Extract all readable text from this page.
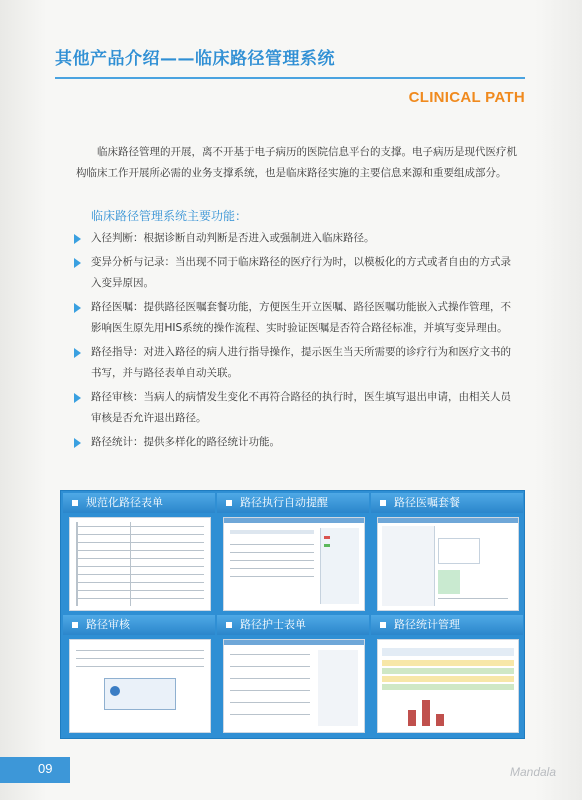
其他产品介绍——临床路径管理系统
CLINICAL PATH
临床路径管理的开展，离不开基于电子病历的医院信息平台的支撑。电子病历是现代医疗机构临床工作开展所必需的业务支撑系统，也是临床路径实施的主要信息来源和重要组成部分。
临床路径管理系统主要功能：
入径判断：根据诊断自动判断是否进入或强制进入临床路径。
变异分析与记录：当出现不同于临床路径的医疗行为时，以模板化的方式或者自由的方式录入变异原因。
路径医嘱：提供路径医嘱套餐功能，方便医生开立医嘱、路径医嘱功能嵌入式操作管理，不影响医生原先用HIS系统的操作流程、实时验证医嘱是否符合路径标准，并填写变异理由。
路径指导：对进入路径的病人进行指导操作，提示医生当天所需要的诊疗行为和医疗文书的书写，并与路径表单自动关联。
路径审核：当病人的病情发生变化不再符合路径的执行时，医生填写退出申请，由相关人员审核是否允许退出路径。
路径统计：提供多样化的路径统计功能。
规范化路径表单	路径执行自动提醒	路径医嘱套餐
路径审核	路径护士表单	路径统计管理
09	Mandala
